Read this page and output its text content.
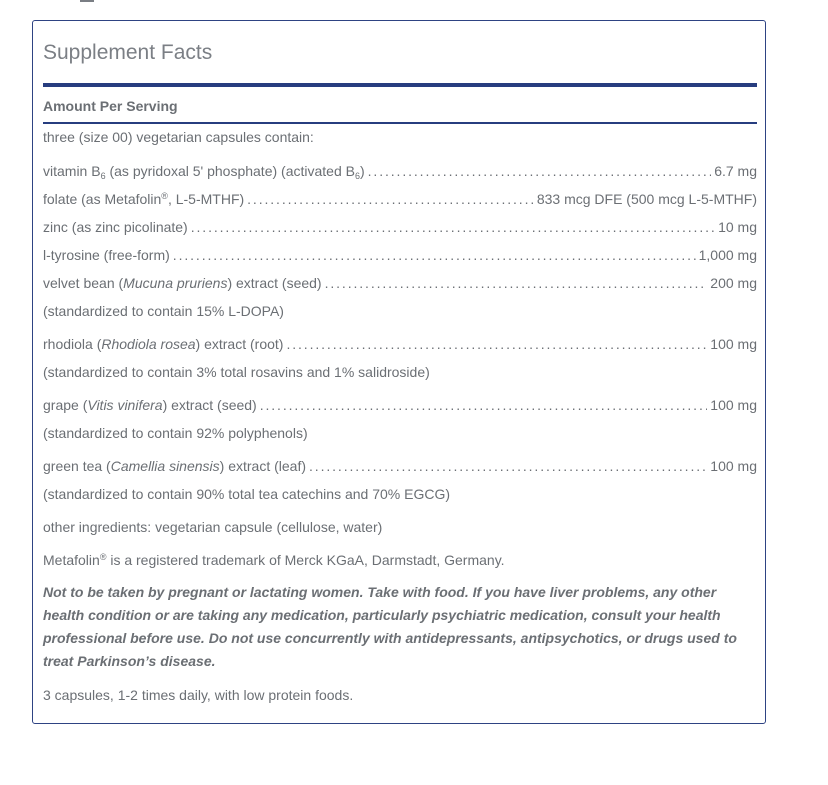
Supplement Facts
Amount Per Serving
three (size 00) vegetarian capsules contain:
vitamin $B_6$ (as pyridoxal 5' phosphate) (activated $B_6$) . . .	6.7 mg
folate (as Metafolin®, L-5-MTHF) . . .	833 mcg DFE (500 mcg L-5-MTHF)
zinc (as zinc picolinate) . . .	10 mg
l-tyrosine (free-form) . . .	1,000 mg
velvet bean (Mucuna pruriens) extract (seed) . . .	200 mg
(standardized to contain 15% L-DOPA)
rhodiola (Rhodiola rosea) extract (root) . . .	100 mg
(standardized to contain 3% total rosavins and 1% salidroside)
grape (Vitis vinifera) extract (seed) . . .	100 mg
(standardized to contain 92% polyphenols)
green tea (Camellia sinensis) extract (leaf) . . .	100 mg
(standardized to contain 90% total tea catechins and 70% EGCG)
other ingredients: vegetarian capsule (cellulose, water)
Metafolin® is a registered trademark of Merck KGaA, Darmstadt, Germany.
Not to be taken by pregnant or lactating women. Take with food. If you have liver problems, any other health condition or are taking any medication, particularly psychiatric medication, consult your health professional before use. Do not use concurrently with antidepressants, antipsychotics, or drugs used to treat Parkinson’s disease.
3 capsules, 1-2 times daily, with low protein foods.
